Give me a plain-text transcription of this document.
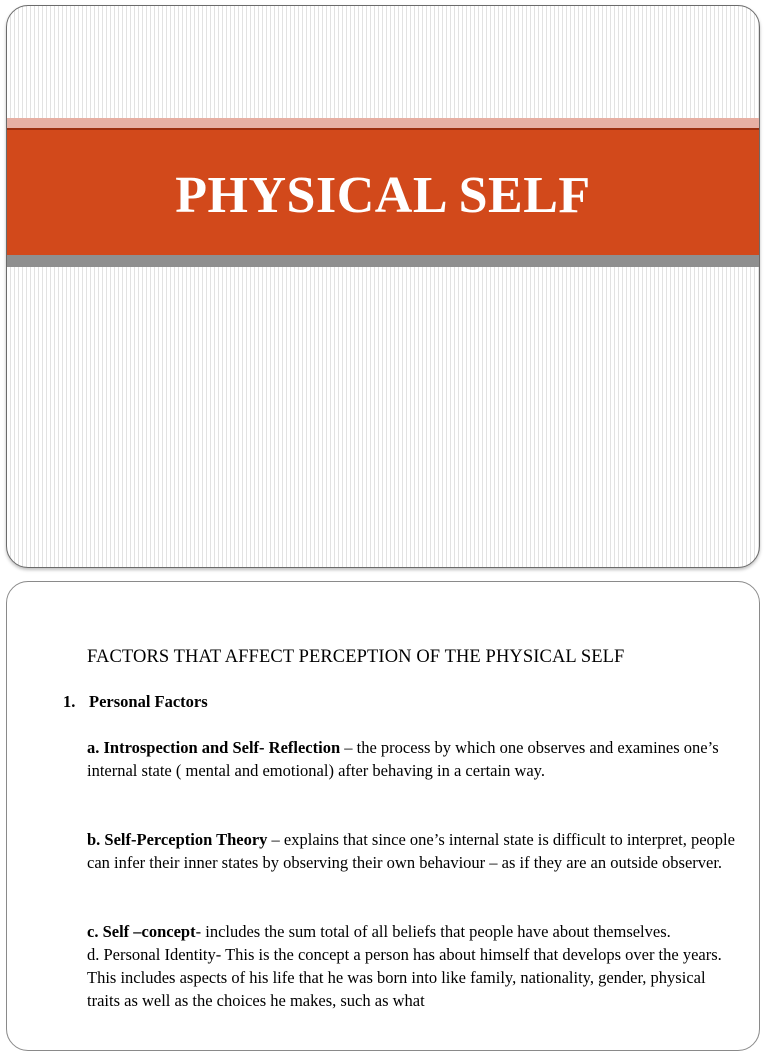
PHYSICAL SELF
FACTORS THAT AFFECT PERCEPTION OF THE PHYSICAL SELF
1. Personal Factors
a. Introspection and Self- Reflection – the process by which one observes and examines one’s internal state ( mental and emotional) after behaving in a certain way.
b. Self-Perception Theory – explains that since one’s internal state is difficult to interpret, people can infer their inner states by observing their own behaviour – as if they are an outside observer.
c. Self –concept- includes the sum total of all beliefs that people have about themselves.
d. Personal Identity- This is the concept a person has about himself that develops over the years. This includes aspects of his life that he was born into like family, nationality, gender, physical traits as well as the choices he makes, such as what
